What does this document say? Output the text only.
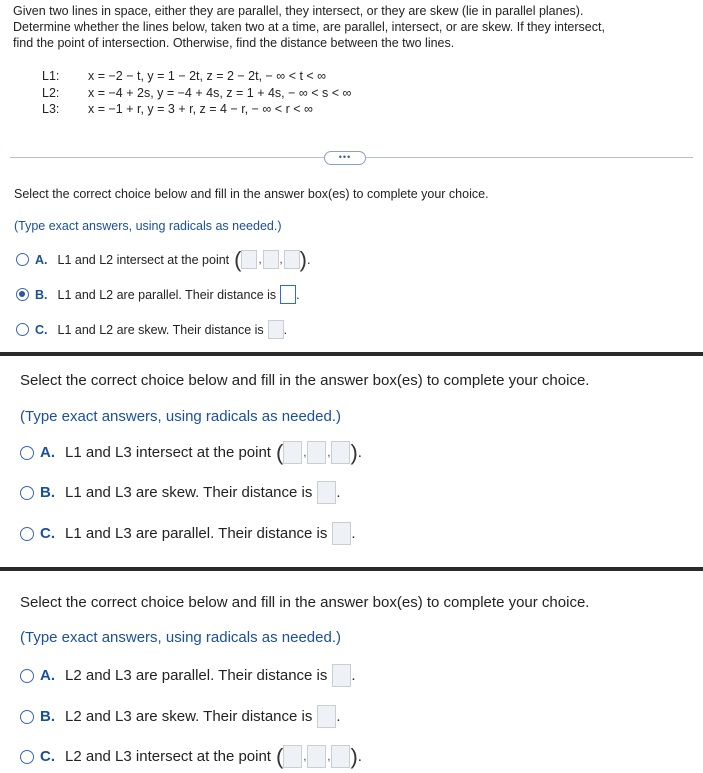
Given two lines in space, either they are parallel, they intersect, or they are skew (lie in parallel planes).
Determine whether the lines below, taken two at a time, are parallel, intersect, or are skew. If they intersect,
find the point of intersection. Otherwise, find the distance between the two lines.
L1:	x = −2 − t, y = 1 − 2t, z = 2 − 2t, − ∞ < t < ∞
L2:	x = −4 + 2s, y = −4 + 4s, z = 1 + 4s, − ∞ < s < ∞
L3:	x = −1 + r, y = 3 + r, z = 4 − r, − ∞ < r < ∞
•••
Select the correct choice below and fill in the answer box(es) to complete your choice.
(Type exact answers, using radicals as needed.)
A. L1 and L2 intersect at the point ( , , ) .
B. L1 and L2 are parallel. Their distance is .
C. L1 and L2 are skew. Their distance is .
Select the correct choice below and fill in the answer box(es) to complete your choice.
(Type exact answers, using radicals as needed.)
A. L1 and L3 intersect at the point ( , , ) .
B. L1 and L3 are skew. Their distance is .
C. L1 and L3 are parallel. Their distance is .
Select the correct choice below and fill in the answer box(es) to complete your choice.
(Type exact answers, using radicals as needed.)
A. L2 and L3 are parallel. Their distance is .
B. L2 and L3 are skew. Their distance is .
C. L2 and L3 intersect at the point ( , , ) .
